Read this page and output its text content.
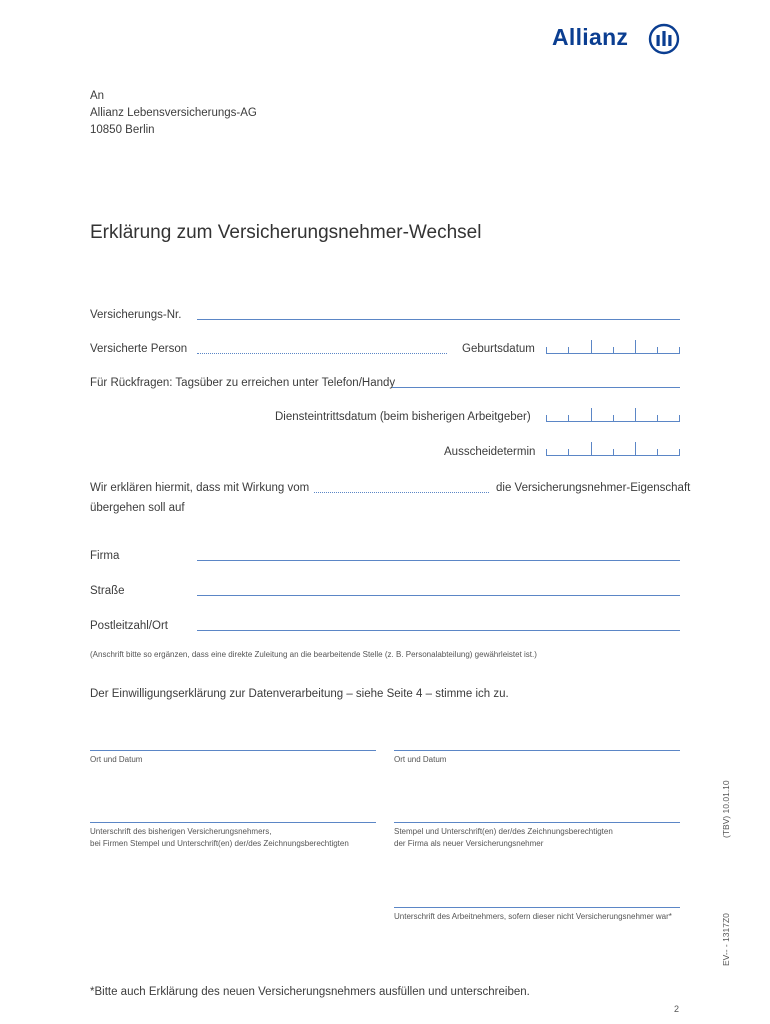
Allianz
An
Allianz Lebensversicherungs-AG
10850 Berlin
Erklärung zum Versicherungsnehmer-Wechsel
Versicherungs-Nr.
Versicherte Person	Geburtsdatum
Für Rückfragen: Tagsüber zu erreichen unter Telefon/Handy
Diensteintrittsdatum (beim bisherigen Arbeitgeber)
Ausscheidetermin
Wir erklären hiermit, dass mit Wirkung vom	die Versicherungsnehmer-Eigenschaft
übergehen soll auf
Firma
Straße
Postleitzahl/Ort
(Anschrift bitte so ergänzen, dass eine direkte Zuleitung an die bearbeitende Stelle (z. B. Personalabteilung) gewährleistet ist.)
Der Einwilligungserklärung zur Datenverarbeitung – siehe Seite 4 – stimme ich zu.
Ort und Datum	Ort und Datum
Unterschrift des bisherigen Versicherungsnehmers,
bei Firmen Stempel und Unterschrift(en) der/des Zeichnungsberechtigten
Stempel und Unterschrift(en) der/des Zeichnungsberechtigten
der Firma als neuer Versicherungsnehmer
Unterschrift des Arbeitnehmers, sofern dieser nicht Versicherungsnehmer war*
(TBV) 10.01.10
EV-- - 1317Z0
*Bitte auch Erklärung des neuen Versicherungsnehmers ausfüllen und unterschreiben.
2
